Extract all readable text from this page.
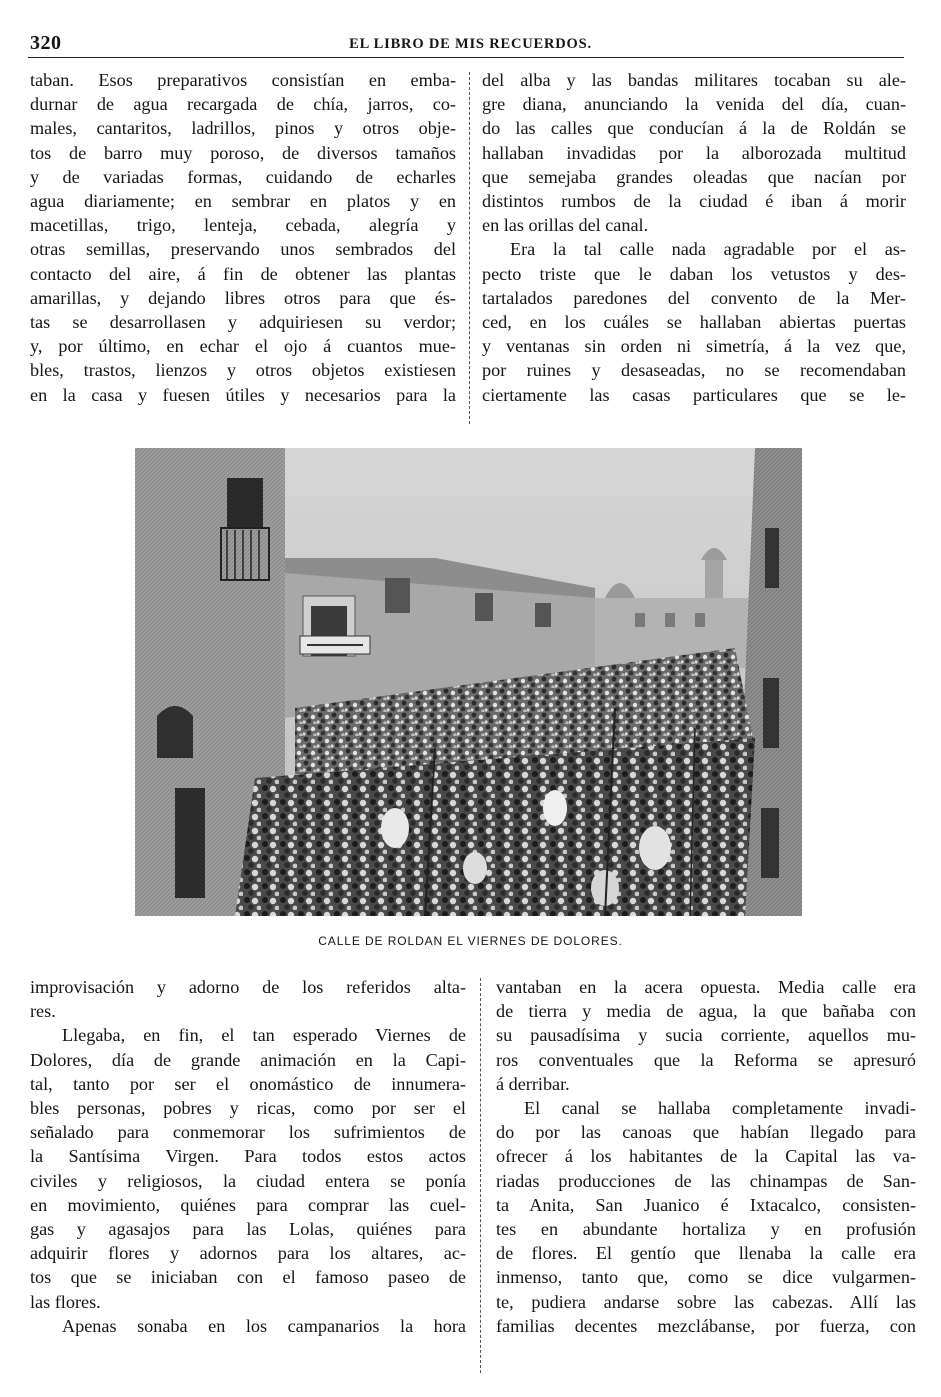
320	EL LIBRO DE MIS RECUERDOS.
taban. Esos preparativos consistían en emba-
durnar de agua recargada de chía, jarros, co-
males, cantaritos, ladrillos, pinos y otros obje-
tos de barro muy poroso, de diversos tamaños
y de variadas formas, cuidando de echarles
agua diariamente; en sembrar en platos y en
macetillas, trigo, lenteja, cebada, alegría y
otras semillas, preservando unos sembrados del
contacto del aire, á fin de obtener las plantas
amarillas, y dejando libres otros para que és-
tas se desarrollasen y adquiriesen su verdor;
y, por último, en echar el ojo á cuantos mue-
bles, trastos, lienzos y otros objetos existiesen
en la casa y fuesen útiles y necesarios para la
del alba y las bandas militares tocaban su ale-
gre diana, anunciando la venida del día, cuan-
do las calles que conducían á la de Roldán se
hallaban invadidas por la alborozada multitud
que semejaba grandes oleadas que nacían por
distintos rumbos de la ciudad é iban á morir
en las orillas del canal.
Era la tal calle nada agradable por el as-
pecto triste que le daban los vetustos y des-
tartalados paredones del convento de la Mer-
ced, en los cuáles se hallaban abiertas puertas
y ventanas sin orden ni simetría, á la vez que,
por ruines y desaseadas, no se recomendaban
ciertamente las casas particulares que se le-
CALLE DE ROLDAN EL VIERNES DE DOLORES.
improvisación y adorno de los referidos alta-
res.
Llegaba, en fin, el tan esperado Viernes de
Dolores, día de grande animación en la Capi-
tal, tanto por ser el onomástico de innumera-
bles personas, pobres y ricas, como por ser el
señalado para conmemorar los sufrimientos de
la Santísima Virgen. Para todos estos actos
civiles y religiosos, la ciudad entera se ponía
en movimiento, quiénes para comprar las cuel-
gas y agasajos para las Lolas, quiénes para
adquirir flores y adornos para los altares, ac-
tos que se iniciaban con el famoso paseo de
las flores.
Apenas sonaba en los campanarios la hora
vantaban en la acera opuesta. Media calle era
de tierra y media de agua, la que bañaba con
su pausadísima y sucia corriente, aquellos mu-
ros conventuales que la Reforma se apresuró
á derribar.
El canal se hallaba completamente invadi-
do por las canoas que habían llegado para
ofrecer á los habitantes de la Capital las va-
riadas producciones de las chinampas de San-
ta Anita, San Juanico é Ixtacalco, consisten-
tes en abundante hortaliza y en profusión
de flores. El gentío que llenaba la calle era
inmenso, tanto que, como se dice vulgarmen-
te, pudiera andarse sobre las cabezas. Allí las
familias decentes mezclábanse, por fuerza, con
